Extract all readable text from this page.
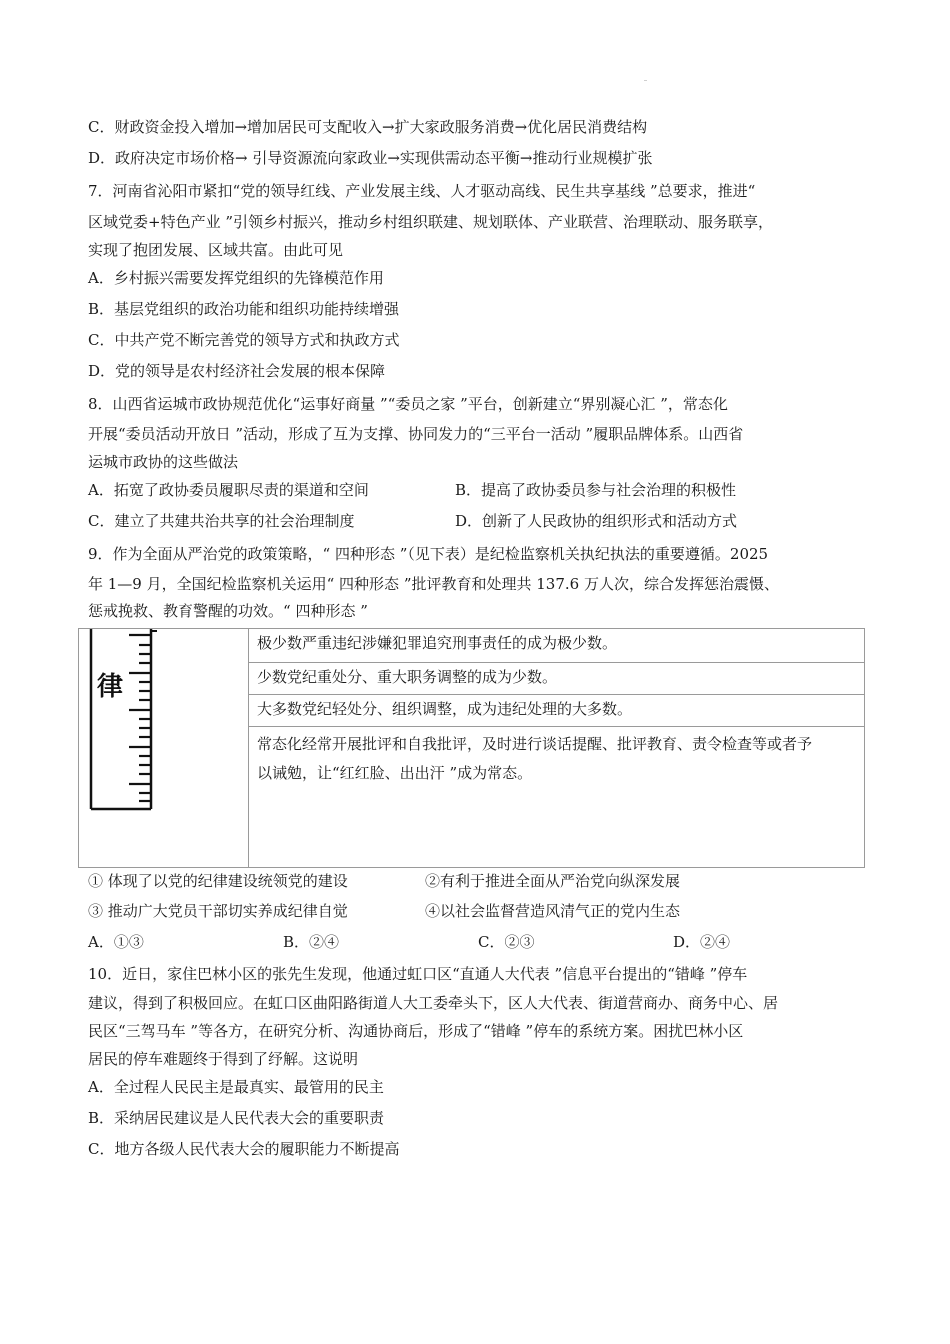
C．财政资金投入增加→增加居民可支配收入→扩大家政服务消费→优化居民消费结构
D．政府决定市场价格→ 引导资源流向家政业→实现供需动态平衡→推动行业规模扩张
7．河南省沁阳市紧扣“党的领导红线、产业发展主线、人才驱动高线、民生共享基线 ”总要求，推进“
区域党委+特色产业 ”引领乡村振兴，推动乡村组织联建、规划联体、产业联营、治理联动、服务联享，
实现了抱团发展、区域共富。由此可见
A．乡村振兴需要发挥党组织的先锋模范作用
B．基层党组织的政治功能和组织功能持续增强
C．中共产党不断完善党的领导方式和执政方式
D．党的领导是农村经济社会发展的根本保障
8．山西省运城市政协规范优化“运事好商量 ”“委员之家 ”平台，创新建立“界别凝心汇 ”，常态化
开展“委员活动开放日 ”活动，形成了互为支撑、协同发力的“三平台一活动 ”履职品牌体系。山西省
运城市政协的这些做法
A．拓宽了政协委员履职尽责的渠道和空间	B．提高了政协委员参与社会治理的积极性
C．建立了共建共治共享的社会治理制度	D．创新了人民政协的组织形式和活动方式
9．作为全面从严治党的政策策略，“ 四种形态 ”（见下表）是纪检监察机关执纪执法的重要遵循。2025
年 1—9 月，全国纪检监察机关运用“ 四种形态 ”批评教育和处理共 137.6 万人次，综合发挥惩治震慑、
惩戒挽救、教育警醒的功效。“ 四种形态 ”
律
极少数严重违纪涉嫌犯罪追究刑事责任的成为极少数。
少数党纪重处分、重大职务调整的成为少数。
大多数党纪轻处分、组织调整，成为违纪处理的大多数。
常态化经常开展批评和自我批评，及时进行谈话提醒、批评教育、责令检查等或者予
以诫勉，让“红红脸、出出汗 ”成为常态。
① 体现了以党的纪律建设统领党的建设	②有利于推进全面从严治党向纵深发展
③ 推动广大党员干部切实养成纪律自觉	④以社会监督营造风清气正的党内生态
A．①③	B．②④	C．②③	D．②④
10．近日，家住巴林小区的张先生发现，他通过虹口区“直通人大代表 ”信息平台提出的“错峰 ”停车
建议，得到了积极回应。在虹口区曲阳路街道人大工委牵头下，区人大代表、街道营商办、商务中心、居
民区“三驾马车 ”等各方，在研究分析、沟通协商后，形成了“错峰 ”停车的系统方案。困扰巴林小区
居民的停车难题终于得到了纾解。这说明
A．全过程人民民主是最真实、最管用的民主
B．采纳居民建议是人民代表大会的重要职责
C．地方各级人民代表大会的履职能力不断提高
